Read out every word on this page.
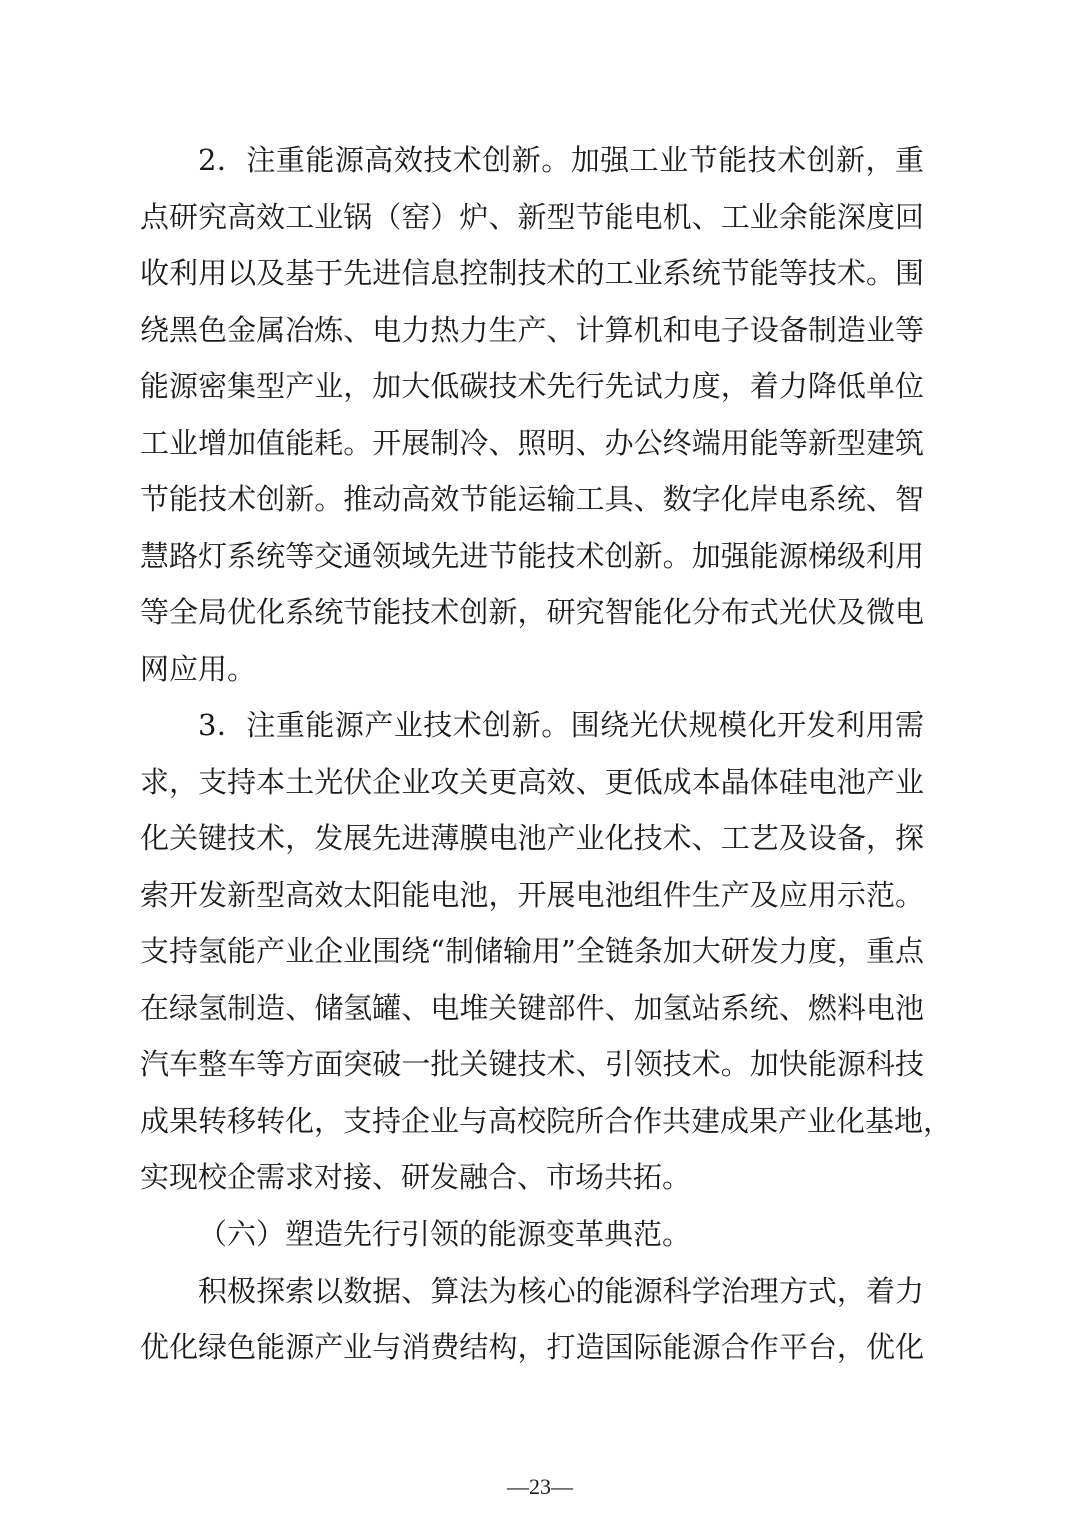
2．注重能源高效技术创新。加强工业节能技术创新，重
点研究高效工业锅（窑）炉、新型节能电机、工业余能深度回
收利用以及基于先进信息控制技术的工业系统节能等技术。围
绕黑色金属冶炼、电力热力生产、计算机和电子设备制造业等
能源密集型产业，加大低碳技术先行先试力度，着力降低单位
工业增加值能耗。开展制冷、照明、办公终端用能等新型建筑
节能技术创新。推动高效节能运输工具、数字化岸电系统、智
慧路灯系统等交通领域先进节能技术创新。加强能源梯级利用
等全局优化系统节能技术创新，研究智能化分布式光伏及微电
网应用。
3．注重能源产业技术创新。围绕光伏规模化开发利用需
求，支持本土光伏企业攻关更高效、更低成本晶体硅电池产业
化关键技术，发展先进薄膜电池产业化技术、工艺及设备，探
索开发新型高效太阳能电池，开展电池组件生产及应用示范。
支持氢能产业企业围绕“制储输用”全链条加大研发力度，重点
在绿氢制造、储氢罐、电堆关键部件、加氢站系统、燃料电池
汽车整车等方面突破一批关键技术、引领技术。加快能源科技
成果转移转化，支持企业与高校院所合作共建成果产业化基地，
实现校企需求对接、研发融合、市场共拓。
（六）塑造先行引领的能源变革典范。
积极探索以数据、算法为核心的能源科学治理方式，着力
优化绿色能源产业与消费结构，打造国际能源合作平台，优化
—23—
